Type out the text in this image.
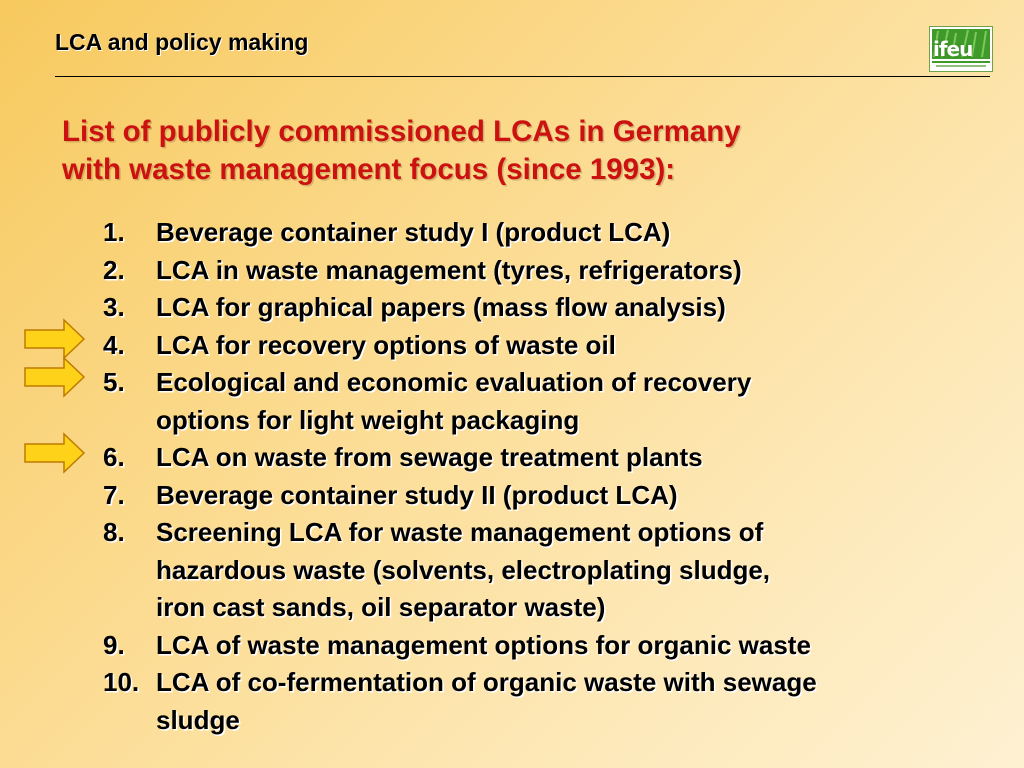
LCA and policy making	ifeu
List of publicly commissioned LCAs in Germany
with waste management focus (since 1993):
1.	Beverage container study I (product LCA)
2.	LCA in waste management (tyres, refrigerators)
3.	LCA for graphical papers (mass flow analysis)
4.	LCA for recovery options of waste oil
5.	Ecological and economic evaluation of recovery
options for light weight packaging
6.	LCA on waste from sewage treatment plants
7.	Beverage container study II (product LCA)
8.	Screening LCA for waste management options of
hazardous waste (solvents, electroplating sludge,
iron cast sands, oil separator waste)
9.	LCA of waste management options for organic waste
10. LCA of co-fermentation of organic waste with sewage
sludge
